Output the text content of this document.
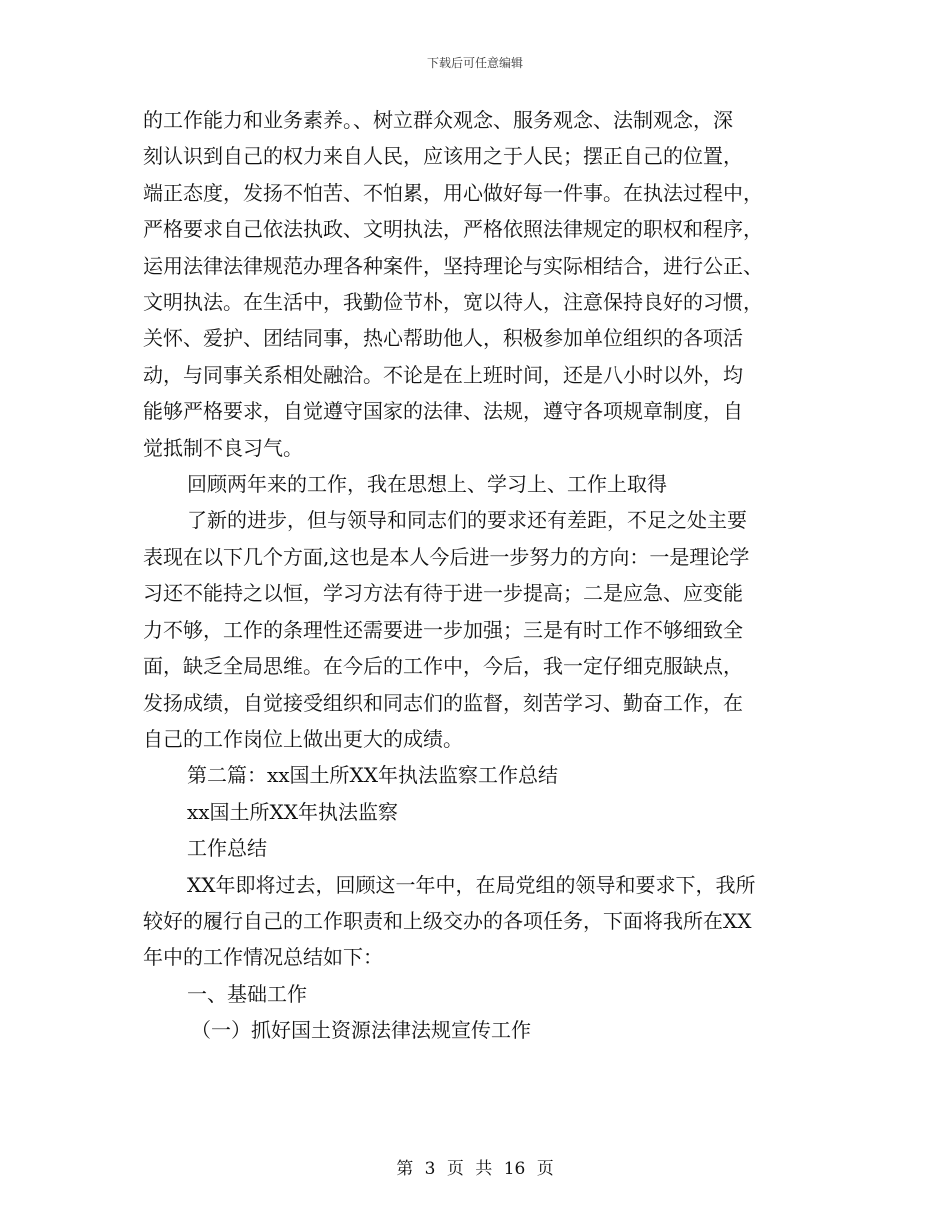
下载后可任意编辑

的工作能力和业务素养。、树立群众观念、服务观念、法制观念，深

刻认识到自己的权力来自人民，应该用之于人民；摆正自己的位置，

端正态度，发扬不怕苦、不怕累，用心做好每一件事。在执法过程中，

严格要求自己依法执政、文明执法，严格依照法律规定的职权和程序，

运用法律法律规范办理各种案件，坚持理论与实际相结合，进行公正、

文明执法。在生活中，我勤俭节朴，宽以待人，注意保持良好的习惯，

关怀、爱护、团结同事，热心帮助他人，积极参加单位组织的各项活

动，与同事关系相处融洽。不论是在上班时间，还是八小时以外，均

能够严格要求，自觉遵守国家的法律、法规，遵守各项规章制度，自

觉抵制不良习气。

回顾两年来的工作，我在思想上、学习上、工作上取得

了新的进步，但与领导和同志们的要求还有差距，不足之处主要

表现在以下几个方面,这也是本人今后进一步努力的方向：一是理论学

习还不能持之以恒，学习方法有待于进一步提高；二是应急、应变能

力不够，工作的条理性还需要进一步加强；三是有时工作不够细致全

面，缺乏全局思维。在今后的工作中，今后，我一定仔细克服缺点，

发扬成绩，自觉接受组织和同志们的监督，刻苦学习、勤奋工作，在

自己的工作岗位上做出更大的成绩。

第二篇：xx国土所XX年执法监察工作总结

xx国土所XX年执法监察

工作总结

XX年即将过去，回顾这一年中，在局党组的领导和要求下，我所

较好的履行自己的工作职责和上级交办的各项任务，下面将我所在XX

年中的工作情况总结如下：

一、基础工作

（一）抓好国土资源法律法规宣传工作

第 3 页 共 16 页
